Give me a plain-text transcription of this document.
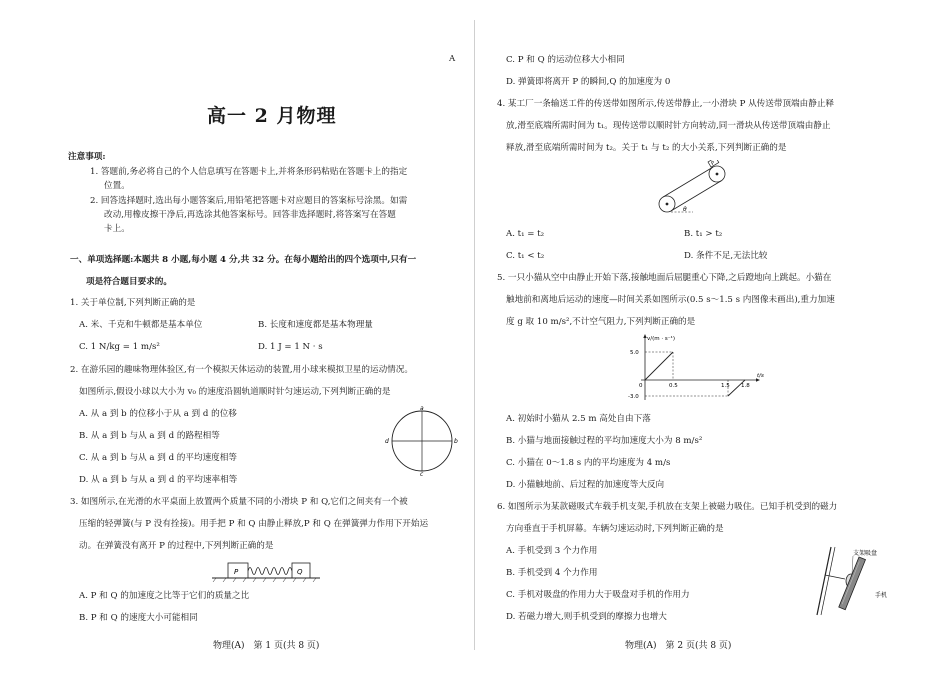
A
高一 2 月物理
注意事项:
1. 答题前,务必将自己的个人信息填写在答题卡上,并将条形码粘贴在答题卡上的指定
位置。
2. 回答选择题时,选出每小题答案后,用铅笔把答题卡对应题目的答案标号涂黑。如需
改动,用橡皮擦干净后,再选涂其他答案标号。回答非选择题时,将答案写在答题
卡上。
一、单项选择题:本题共 8 小题,每小题 4 分,共 32 分。在每小题给出的四个选项中,只有一
项是符合题目要求的。
1. 关于单位制,下列判断正确的是
A. 米、千克和牛顿都是基本单位	B. 长度和速度都是基本物理量
C. 1 N/kg = 1 m/s²	D. 1 J = 1 N · s
2. 在游乐园的趣味物理体验区,有一个模拟天体运动的装置,用小球来模拟卫星的运动情况。
如图所示,假设小球以大小为 v₀ 的速度沿圆轨道顺时针匀速运动,下列判断正确的是
A. 从 a 到 b 的位移小于从 a 到 d 的位移
B. 从 a 到 b 与从 a 到 d 的路程相等
C. 从 a 到 b 与从 a 到 d 的平均速度相等
D. 从 a 到 b 与从 a 到 d 的平均速率相等
a
b
c
d
3. 如图所示,在光滑的水平桌面上放置两个质量不同的小滑块 P 和 Q,它们之间夹有一个被
压缩的轻弹簧(与 P 没有拴接)。用手把 P 和 Q 由静止释放,P 和 Q 在弹簧弹力作用下开始运
动。在弹簧没有离开 P 的过程中,下列判断正确的是
P	Q
A. P 和 Q 的加速度之比等于它们的质量之比
B. P 和 Q 的速度大小可能相同
物理(A)　第 1 页(共 8 页)
C. P 和 Q 的运动位移大小相同
D. 弹簧即将离开 P 的瞬间,Q 的加速度为 0
4. 某工厂一条输送工件的传送带如图所示,传送带静止,一小滑块 P 从传送带顶端由静止释
放,滑至底端所需时间为 t₁。现传送带以顺时针方向转动,同一滑块从传送带顶端由静止
释放,滑至底端所需时间为 t₂。关于 t₁ 与 t₂ 的大小关系,下列判断正确的是
P
θ
A. t₁ = t₂	B. t₁ > t₂
C. t₁ < t₂	D. 条件不足,无法比较
5. 一只小猫从空中由静止开始下落,接触地面后屈腿重心下降,之后蹬地向上跳起。小猫在
触地前和离地后运动的速度—时间关系如图所示(0.5 s～1.5 s 内图像未画出),重力加速
度 g 取 10 m/s²,不计空气阻力,下列判断正确的是
v/(m · s⁻¹)
5.0
0
-3.0
0.5	1.5 1.8
t/s
A. 初始时小猫从 2.5 m 高处自由下落
B. 小猫与地面接触过程的平均加速度大小为 8 m/s²
C. 小猫在 0～1.8 s 内的平均速度为 4 m/s
D. 小猫触地前、后过程的加速度等大反向
6. 如图所示为某款磁吸式车载手机支架,手机放在支架上被磁力吸住。已知手机受到的磁力
方向垂直于手机屏幕。车辆匀速运动时,下列判断正确的是
A. 手机受到 3 个力作用
B. 手机受到 4 个力作用
C. 手机对吸盘的作用力大于吸盘对手机的作用力
D. 若磁力增大,则手机受到的摩擦力也增大
支架吸盘
手机
物理(A)　第 2 页(共 8 页)
